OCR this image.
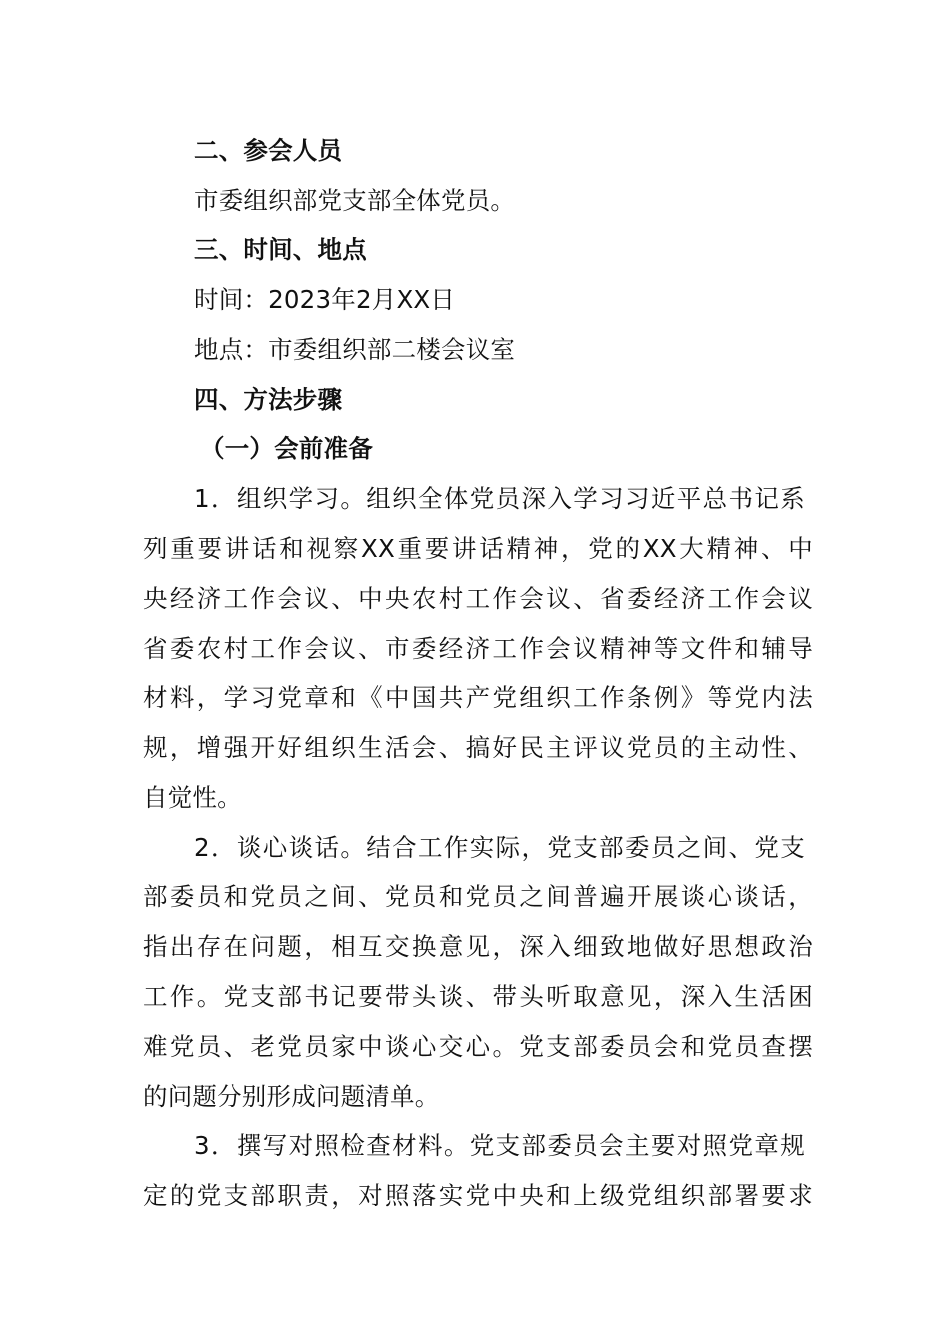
二、参会人员
市委组织部党支部全体党员。
三、时间、地点
时间：2023年2月XX日
地点：市委组织部二楼会议室
四、方法步骤
（一）会前准备
1．组织学习。组织全体党员深入学习习近平总书记系
列重要讲话和视察XX重要讲话精神，党的XX大精神、中
央经济工作会议、中央农村工作会议、省委经济工作会议
省委农村工作会议、市委经济工作会议精神等文件和辅导
材料，学习党章和《中国共产党组织工作条例》等党内法
规，增强开好组织生活会、搞好民主评议党员的主动性、
自觉性。
2．谈心谈话。结合工作实际，党支部委员之间、党支
部委员和党员之间、党员和党员之间普遍开展谈心谈话，
指出存在问题，相互交换意见，深入细致地做好思想政治
工作。党支部书记要带头谈、带头听取意见，深入生活困
难党员、老党员家中谈心交心。党支部委员会和党员查摆
的问题分别形成问题清单。
3．撰写对照检查材料。党支部委员会主要对照党章规
定的党支部职责，对照落实党中央和上级党组织部署要求
